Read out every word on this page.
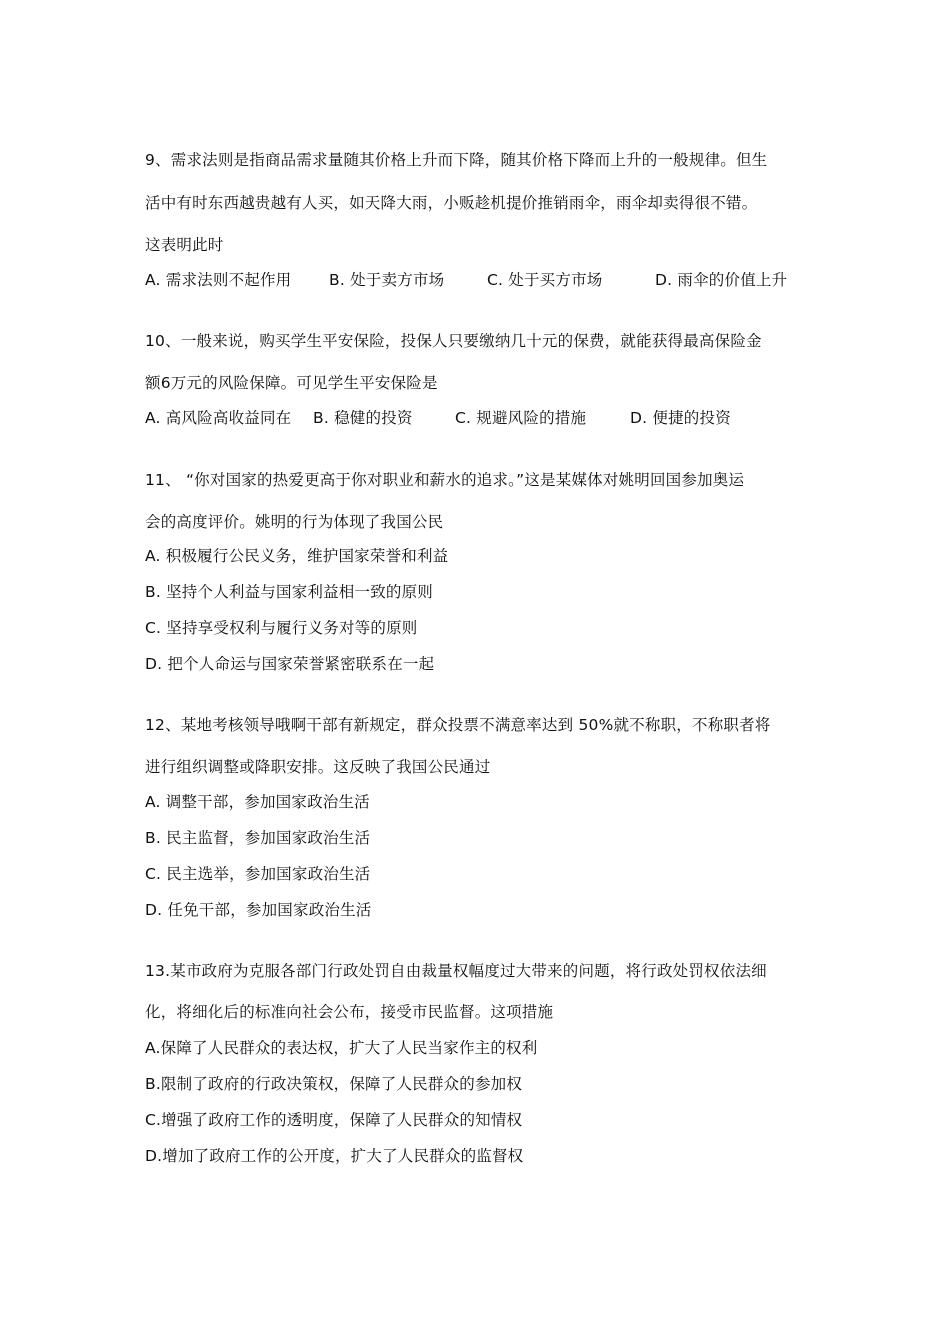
9、需求法则是指商品需求量随其价格上升而下降，随其价格下降而上升的一般规律。但生
活中有时东西越贵越有人买，如天降大雨，小贩趁机提价推销雨伞，雨伞却卖得很不错。
这表明此时
A. 需求法则不起作用 B. 处于卖方市场	C. 处于买方市场	D. 雨伞的价值上升
10、一般来说，购买学生平安保险，投保人只要缴纳几十元的保费，就能获得最高保险金
额6万元的风险保障。可见学生平安保险是
A. 高风险高收益同在 B. 稳健的投资	C. 规避风险的措施	D. 便捷的投资
11、 “你对国家的热爱更高于你对职业和薪水的追求。”这是某媒体对姚明回国参加奥运
会的高度评价。姚明的行为体现了我国公民
A. 积极履行公民义务，维护国家荣誉和利益
B. 坚持个人利益与国家利益相一致的原则
C. 坚持享受权利与履行义务对等的原则
D. 把个人命运与国家荣誉紧密联系在一起
12、某地考核领导哦啊干部有新规定，群众投票不满意率达到 50%就不称职，不称职者将
进行组织调整或降职安排。这反映了我国公民通过
A. 调整干部，参加国家政治生活
B. 民主监督，参加国家政治生活
C. 民主选举，参加国家政治生活
D. 任免干部，参加国家政治生活
13.某市政府为克服各部门行政处罚自由裁量权幅度过大带来的问题，将行政处罚权依法细
化，将细化后的标准向社会公布，接受市民监督。这项措施
A.保障了人民群众的表达权，扩大了人民当家作主的权利
B.限制了政府的行政决策权，保障了人民群众的参加权
C.增强了政府工作的透明度，保障了人民群众的知情权
D.增加了政府工作的公开度，扩大了人民群众的监督权
